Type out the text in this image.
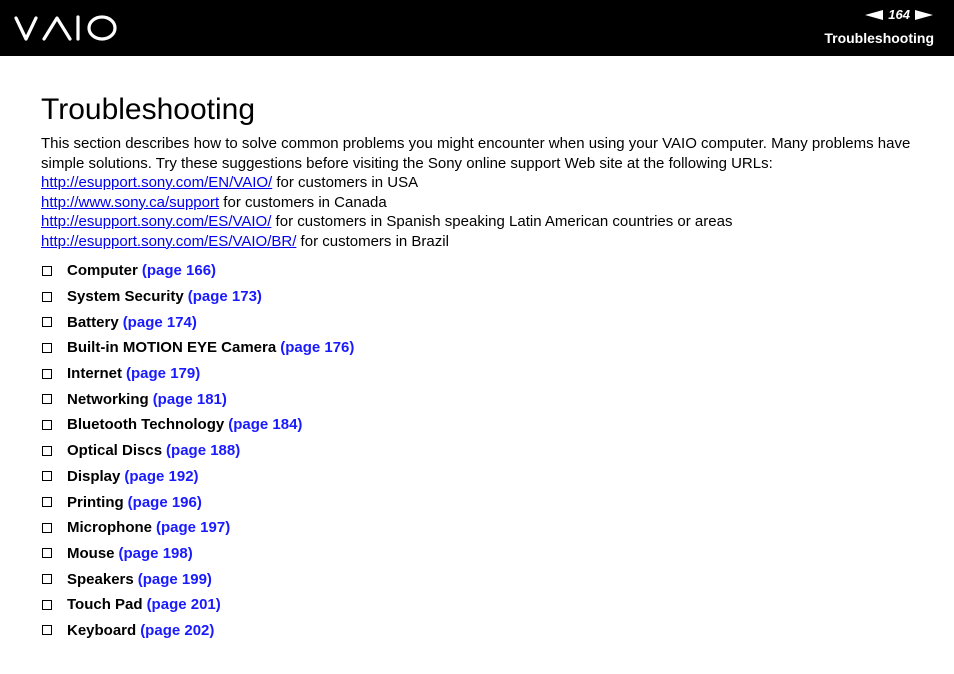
164
Troubleshooting
Troubleshooting

This section describes how to solve common problems you might encounter when using your VAIO computer. Many problems have simple solutions. Try these suggestions before visiting the Sony online support Web site at the following URLs:

http://esupport.sony.com/EN/VAIO/ for customers in USA
http://www.sony.ca/support for customers in Canada
http://esupport.sony.com/ES/VAIO/ for customers in Spanish speaking Latin American countries or areas
http://esupport.sony.com/ES/VAIO/BR/ for customers in Brazil
Computer (page 166)
System Security (page 173)
Battery (page 174)
Built-in MOTION EYE Camera (page 176)
Internet (page 179)
Networking (page 181)
Bluetooth Technology (page 184)
Optical Discs (page 188)
Display (page 192)
Printing (page 196)
Microphone (page 197)
Mouse (page 198)
Speakers (page 199)
Touch Pad (page 201)
Keyboard (page 202)
